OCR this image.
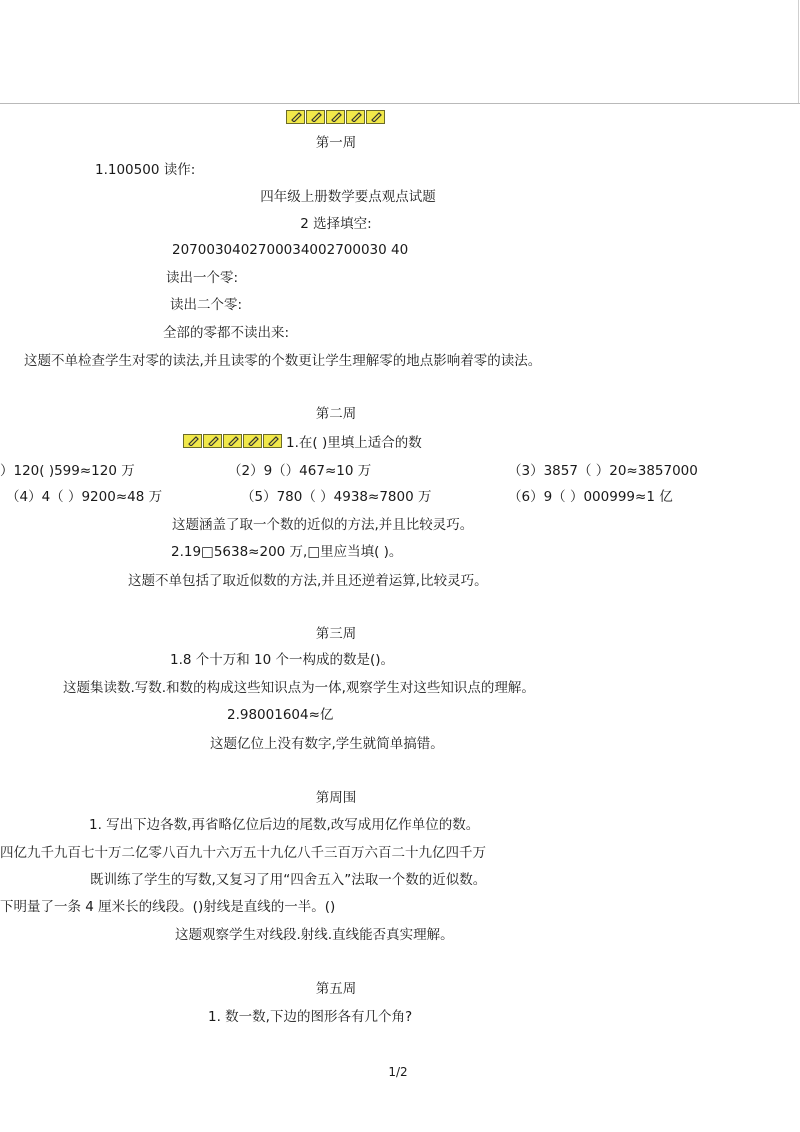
第一周
1.100500 读作:
四年级上册数学要点观点试题
2 选择填空:
2070030402700034002700030 40
读出一个零:
读出二个零:
全部的零都不读出来:
这题不单检查学生对零的读法,并且读零的个数更让学生理解零的地点影响着零的读法。
第二周
1.在( )里填上适合的数
）120( )599≈120 万	（2）9（）467≈10 万	（3）3857（ ）20≈3857000
（4）4（ ）9200≈48 万	（5）780（ ）4938≈7800 万	（6）9（ ）000999≈1 亿
这题涵盖了取一个数的近似的方法,并且比较灵巧。
2.19□5638≈200 万,□里应当填( )。
这题不单包括了取近似数的方法,并且还逆着运算,比较灵巧。
第三周
1.8 个十万和 10 个一构成的数是()。
这题集读数.写数.和数的构成这些知识点为一体,观察学生对这些知识点的理解。
2.98001604≈亿
这题亿位上没有数字,学生就简单搞错。
第周围
1. 写出下边各数,再省略亿位后边的尾数,改写成用亿作单位的数。
四亿九千九百七十万二亿零八百九十六万五十九亿八千三百万六百二十九亿四千万
既训练了学生的写数,又复习了用“四舍五入”法取一个数的近似数。
下明量了一条 4 厘米长的线段。()射线是直线的一半。()
这题观察学生对线段.射线.直线能否真实理解。
第五周
1. 数一数,下边的图形各有几个角?
1/2
